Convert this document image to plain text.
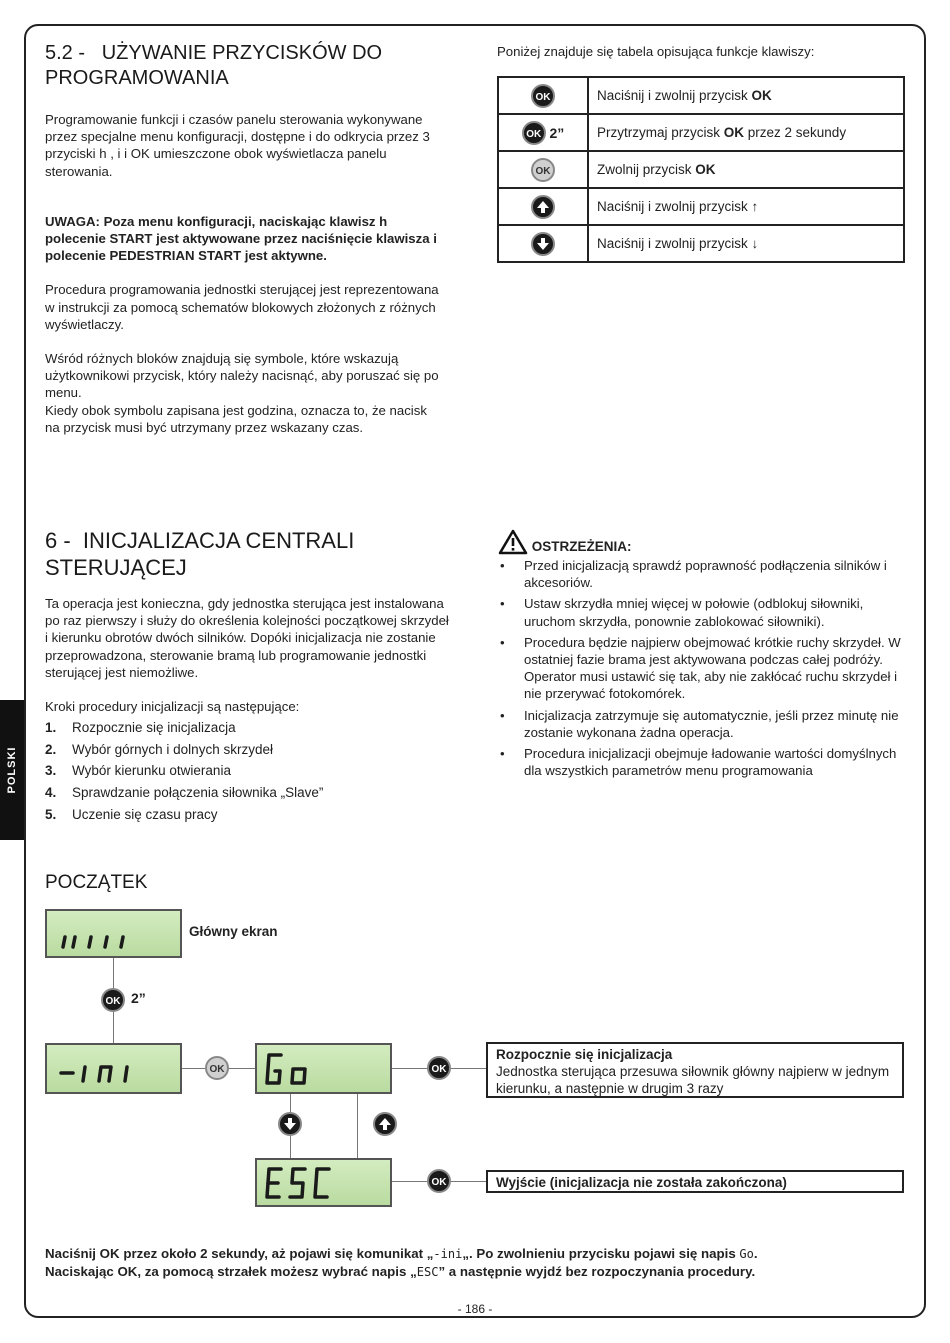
POLSKI
5.2 - UŻYWANIE PRZYCISKÓW DO
PROGRAMOWANIA

Programowanie funkcji i czasów panelu sterowania wykonywane przez specjalne menu konfiguracji, dostępne i do odkrycia przez 3 przyciski h , i i OK umieszczone obok wyświetlacza panelu sterowania.

UWAGA: Poza menu konfiguracji, naciskając klawisz h polecenie START jest aktywowane przez naciśnięcie klawisza i polecenie PEDESTRIAN START jest aktywne.

Procedura programowania jednostki sterującej jest reprezentowana w instrukcji za pomocą schematów blokowych złożonych z różnych wyświetlaczy.

Wśród różnych bloków znajdują się symbole, które wskazują użytkownikowi przycisk, który należy nacisnąć, aby poruszać się po menu.

Kiedy obok symbolu zapisana jest godzina, oznacza to, że nacisk na przycisk musi być utrzymany przez wskazany czas.

Poniżej znajduje się tabela opisująca funkcje klawiszy:

OK	Naciśnij i zwolnij przycisk OK
OK 2”	Przytrzymaj przycisk OK przez 2 sekundy
OK	Zwolnij przycisk OK

	Naciśnij i zwolnij przycisk ↑

	Naciśnij i zwolnij przycisk ↓
6 - INICJALIZACJA CENTRALI
STERUJĄCEJ

Ta operacja jest konieczna, gdy jednostka sterująca jest instalowana po raz pierwszy i służy do określenia kolejności początkowej skrzydeł i kierunku obrotów dwóch silników. Dopóki inicjalizacja nie zostanie przeprowadzona, sterowanie bramą lub programowanie jednostki sterującej jest niemożliwe.

Kroki procedury inicjalizacji są następujące:

1. Rozpocznie się inicjalizacja
2. Wybór górnych i dolnych skrzydeł
3. Wybór kierunku otwierania
4. Sprawdzanie połączenia siłownika „Slave”
5. Uczenie się czasu pracy
OSTRZEŻENIA:
• Przed inicjalizacją sprawdź poprawność podłączenia silników i akcesoriów.
• Ustaw skrzydła mniej więcej w połowie (odblokuj siłowniki, uruchom skrzydła, ponownie zablokować siłowniki).
• Procedura będzie najpierw obejmować krótkie ruchy skrzydeł. W ostatniej fazie brama jest aktywowana podczas całej podróży. Operator musi ustawić się tak, aby nie zakłócać ruchu skrzydeł i nie przerywać fotokomórek.
• Inicjalizacja zatrzymuje się automatycznie, jeśli przez minutę nie zostanie wykonana żadna operacja.
• Procedura inicjalizacji obejmuje ładowanie wartości domyślnych dla wszystkich parametrów menu programowania
POCZĄTEK
Główny ekran
OK 2”
OK	OK
Rozpocznie się inicjalizacja
Jednostka sterująca przesuwa siłownik główny najpierw w jednym kierunku, a następnie w drugim 3 razy

OK	Wyjście (inicjalizacja nie została zakończona)
Naciśnij OK przez około 2 sekundy, aż pojawi się komunikat „-ini„. Po zwolnieniu przycisku pojawi się napis Go.
Naciskając OK, za pomocą strzałek możesz wybrać napis „ESC” a następnie wyjdź bez rozpoczynania procedury.
- 186 -
